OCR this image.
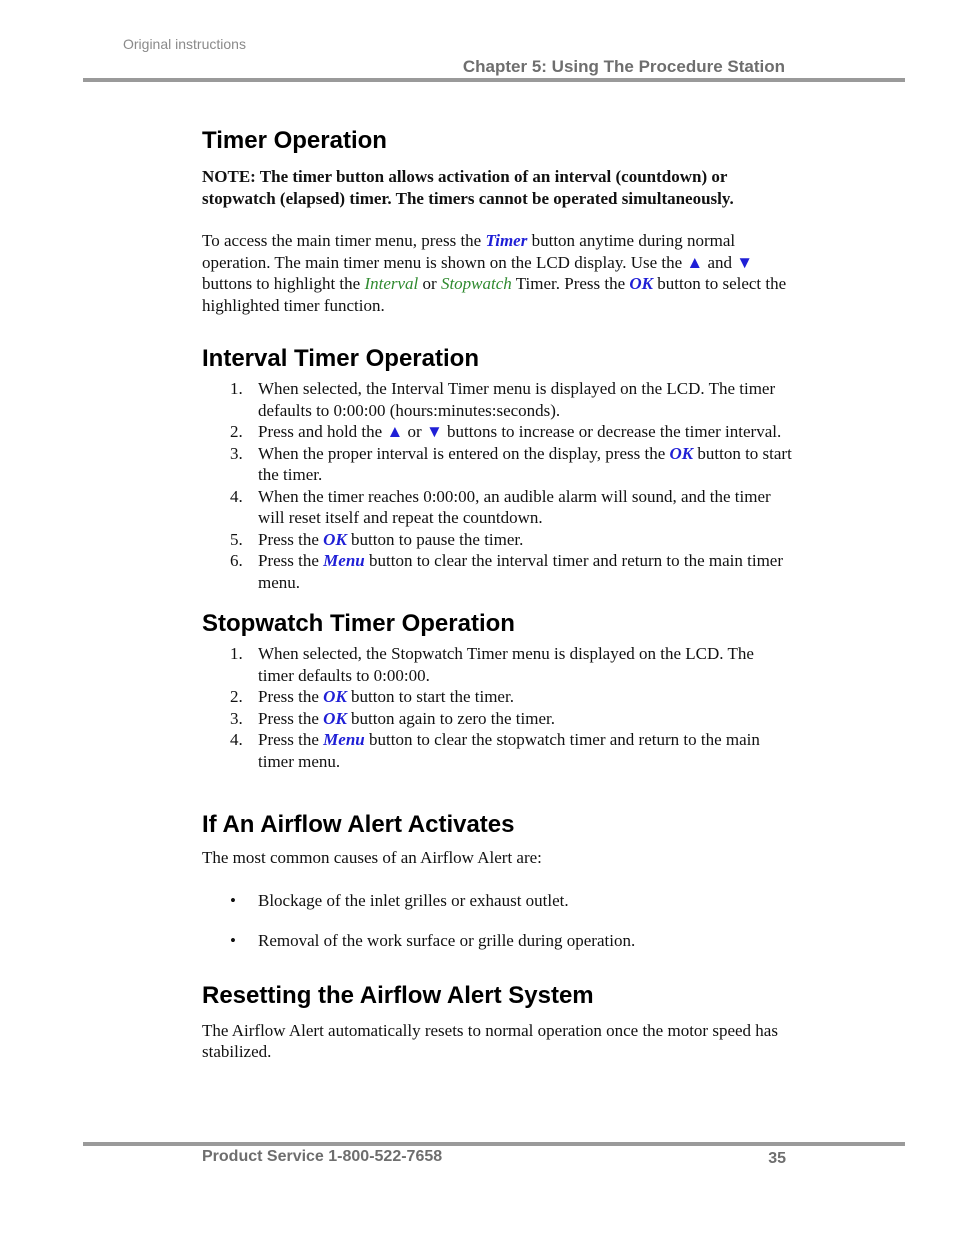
Original instructions
Chapter 5: Using The Procedure Station
Timer Operation

NOTE: The timer button allows activation of an interval (countdown) or stopwatch (elapsed) timer. The timers cannot be operated simultaneously.

To access the main timer menu, press the Timer button anytime during normal operation. The main timer menu is shown on the LCD display. Use the ▲ and ▼ buttons to highlight the Interval or Stopwatch Timer. Press the OK button to select the highlighted timer function.

Interval Timer Operation
1. When selected, the Interval Timer menu is displayed on the LCD. The timer defaults to 0:00:00 (hours:minutes:seconds).
2. Press and hold the ▲ or ▼ buttons to increase or decrease the timer interval.
3. When the proper interval is entered on the display, press the OK button to start the timer.
4. When the timer reaches 0:00:00, an audible alarm will sound, and the timer will reset itself and repeat the countdown.
5. Press the OK button to pause the timer.
6. Press the Menu button to clear the interval timer and return to the main timer menu.
Stopwatch Timer Operation
1. When selected, the Stopwatch Timer menu is displayed on the LCD. The timer defaults to 0:00:00.
2. Press the OK button to start the timer.
3. Press the OK button again to zero the timer.
4. Press the Menu button to clear the stopwatch timer and return to the main timer menu.
If An Airflow Alert Activates

The most common causes of an Airflow Alert are:

• Blockage of the inlet grilles or exhaust outlet.
• Removal of the work surface or grille during operation.
Resetting the Airflow Alert System

The Airflow Alert automatically resets to normal operation once the motor speed has stabilized.

Product Service 1-800-522-7658	35
